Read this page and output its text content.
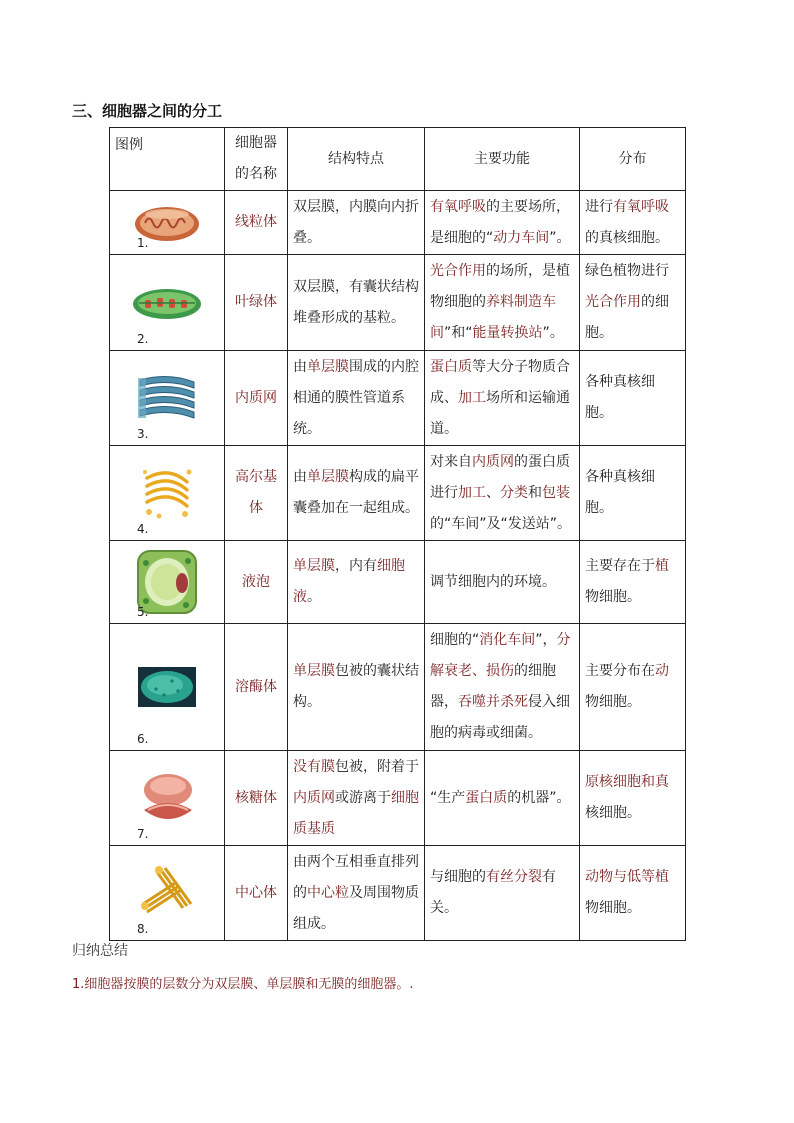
三、细胞器之间的分工
图例	细胞器的名称	结构特点	主要功能	分布

1.	线粒体	双层膜，内膜向内折叠。	有氧呼吸的主要场所，是细胞的“动力车间”。	进行有氧呼吸的真核细胞。

2.	叶绿体	双层膜，有囊状结构堆叠形成的基粒。	光合作用的场所，是植物细胞的养料制造车间”和“能量转换站”。	绿色植物进行光合作用的细胞。

3.	内质网	由单层膜围成的内腔相通的膜性管道系统。	蛋白质等大分子物质合成、加工场所和运输通道。	各种真核细胞。

4.	高尔基体	由单层膜构成的扁平囊叠加在一起组成。	对来自内质网的蛋白质进行加工、分类和包装的“车间”及“发送站”。	各种真核细胞。

5.	液泡	单层膜，内有细胞液。	调节细胞内的环境。	主要存在于植物细胞。

6.	溶酶体	单层膜包被的囊状结构。	细胞的“消化车间”，分解衰老、损伤的细胞器，吞噬并杀死侵入细胞的病毒或细菌。	主要分布在动物细胞。

7.	核糖体	没有膜包被，附着于内质网或游离于细胞质基质	“生产蛋白质的机器”。	原核细胞和真核细胞。

8.	中心体	由两个互相垂直排列的中心粒及周围物质组成。	与细胞的有丝分裂有关。	动物与低等植物细胞。
归纳总结
1.细胞器按膜的层数分为双层膜、单层膜和无膜的细胞器。.
